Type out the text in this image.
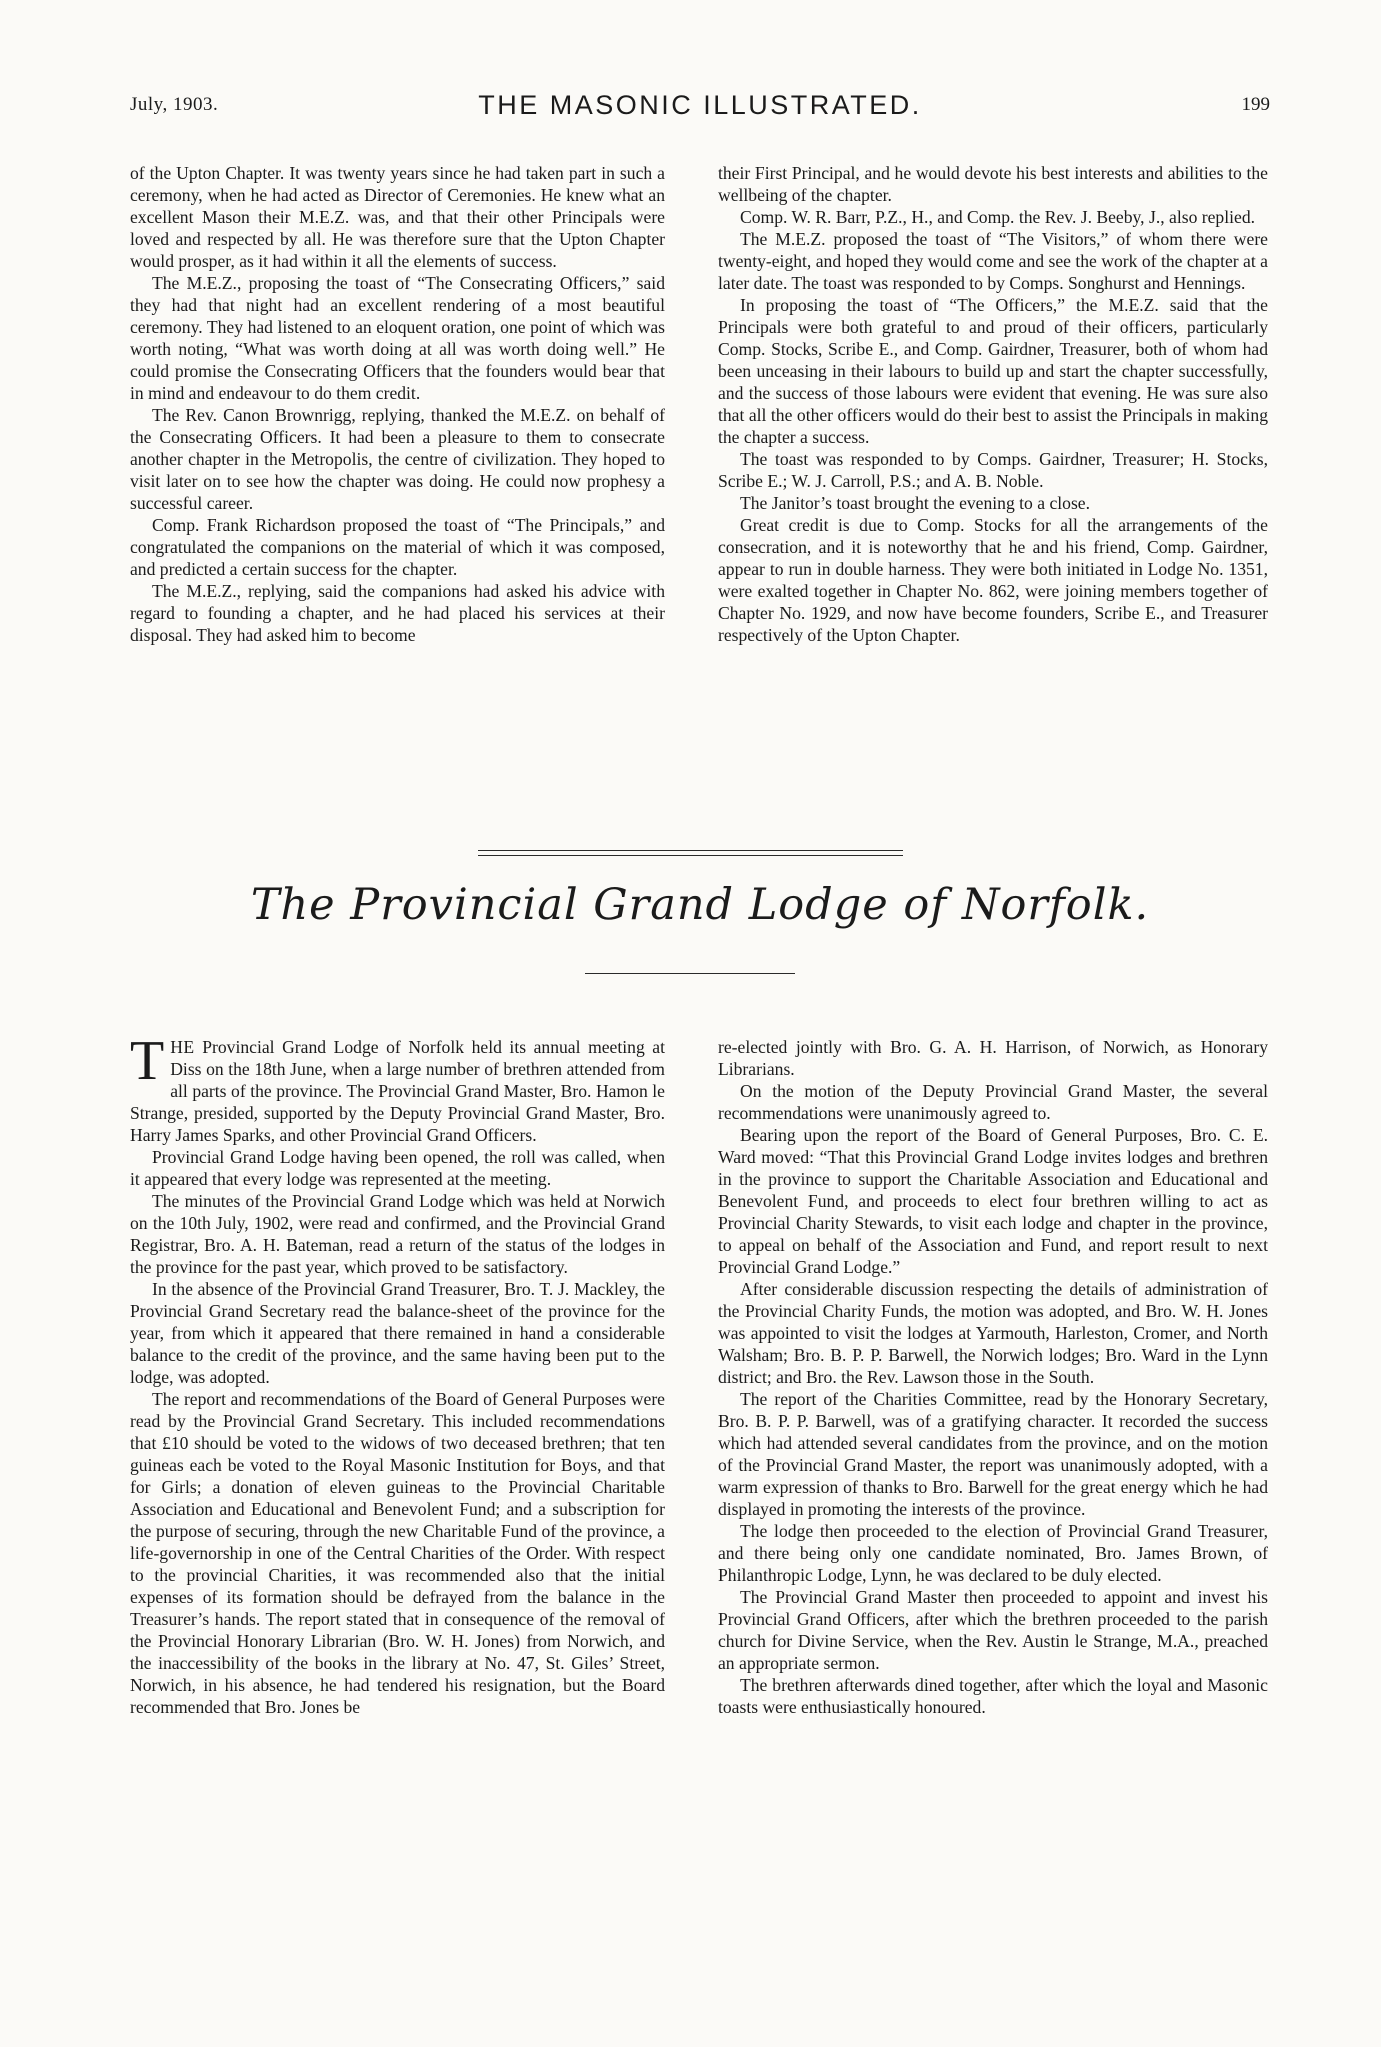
July, 1903.	THE MASONIC ILLUSTRATED.	199

of the Upton Chapter. It was twenty years since he had taken part in such a ceremony, when he had acted as Director of Ceremonies. He knew what an excellent Mason their M.E.Z. was, and that their other Principals were loved and respected by all. He was therefore sure that the Upton Chapter would prosper, as it had within it all the elements of success.

The M.E.Z., proposing the toast of “The Consecrating Officers,” said they had that night had an excellent rendering of a most beautiful ceremony. They had listened to an eloquent oration, one point of which was worth noting, “What was worth doing at all was worth doing well.” He could promise the Consecrating Officers that the founders would bear that in mind and endeavour to do them credit.

The Rev. Canon Brownrigg, replying, thanked the M.E.Z. on behalf of the Consecrating Officers. It had been a pleasure to them to consecrate another chapter in the Metropolis, the centre of civilization. They hoped to visit later on to see how the chapter was doing. He could now prophesy a successful career.

Comp. Frank Richardson proposed the toast of “The Principals,” and congratulated the companions on the material of which it was composed, and predicted a certain success for the chapter.

The M.E.Z., replying, said the companions had asked his advice with regard to founding a chapter, and he had placed his services at their disposal. They had asked him to become

their First Principal, and he would devote his best interests and abilities to the wellbeing of the chapter.

Comp. W. R. Barr, P.Z., H., and Comp. the Rev. J. Beeby, J., also replied.

The M.E.Z. proposed the toast of “The Visitors,” of whom there were twenty-eight, and hoped they would come and see the work of the chapter at a later date. The toast was responded to by Comps. Songhurst and Hennings.

In proposing the toast of “The Officers,” the M.E.Z. said that the Principals were both grateful to and proud of their officers, particularly Comp. Stocks, Scribe E., and Comp. Gairdner, Treasurer, both of whom had been unceasing in their labours to build up and start the chapter successfully, and the success of those labours were evident that evening. He was sure also that all the other officers would do their best to assist the Principals in making the chapter a success.

The toast was responded to by Comps. Gairdner, Treasurer; H. Stocks, Scribe E.; W. J. Carroll, P.S.; and A. B. Noble.

The Janitor’s toast brought the evening to a close.

Great credit is due to Comp. Stocks for all the arrangements of the consecration, and it is noteworthy that he and his friend, Comp. Gairdner, appear to run in double harness. They were both initiated in Lodge No. 1351, were exalted together in Chapter No. 862, were joining members together of Chapter No. 1929, and now have become founders, Scribe E., and Treasurer respectively of the Upton Chapter.

The Provincial Grand Lodge of Norfolk.

THE Provincial Grand Lodge of Norfolk held its annual meeting at Diss on the 18th June, when a large number of brethren attended from all parts of the province. The Provincial Grand Master, Bro. Hamon le Strange, presided, supported by the Deputy Provincial Grand Master, Bro. Harry James Sparks, and other Provincial Grand Officers.

Provincial Grand Lodge having been opened, the roll was called, when it appeared that every lodge was represented at the meeting.

The minutes of the Provincial Grand Lodge which was held at Norwich on the 10th July, 1902, were read and confirmed, and the Provincial Grand Registrar, Bro. A. H. Bateman, read a return of the status of the lodges in the province for the past year, which proved to be satisfactory.

In the absence of the Provincial Grand Treasurer, Bro. T. J. Mackley, the Provincial Grand Secretary read the balance-sheet of the province for the year, from which it appeared that there remained in hand a considerable balance to the credit of the province, and the same having been put to the lodge, was adopted.

The report and recommendations of the Board of General Purposes were read by the Provincial Grand Secretary. This included recommendations that £10 should be voted to the widows of two deceased brethren; that ten guineas each be voted to the Royal Masonic Institution for Boys, and that for Girls; a donation of eleven guineas to the Provincial Charitable Association and Educational and Benevolent Fund; and a subscription for the purpose of securing, through the new Charitable Fund of the province, a life-governorship in one of the Central Charities of the Order. With respect to the provincial Charities, it was recommended also that the initial expenses of its formation should be defrayed from the balance in the Treasurer’s hands. The report stated that in consequence of the removal of the Provincial Honorary Librarian (Bro. W. H. Jones) from Norwich, and the inaccessibility of the books in the library at No. 47, St. Giles’ Street, Norwich, in his absence, he had tendered his resignation, but the Board recommended that Bro. Jones be

re-elected jointly with Bro. G. A. H. Harrison, of Norwich, as Honorary Librarians.

On the motion of the Deputy Provincial Grand Master, the several recommendations were unanimously agreed to.

Bearing upon the report of the Board of General Purposes, Bro. C. E. Ward moved: “That this Provincial Grand Lodge invites lodges and brethren in the province to support the Charitable Association and Educational and Benevolent Fund, and proceeds to elect four brethren willing to act as Provincial Charity Stewards, to visit each lodge and chapter in the province, to appeal on behalf of the Association and Fund, and report result to next Provincial Grand Lodge.”

After considerable discussion respecting the details of administration of the Provincial Charity Funds, the motion was adopted, and Bro. W. H. Jones was appointed to visit the lodges at Yarmouth, Harleston, Cromer, and North Walsham; Bro. B. P. P. Barwell, the Norwich lodges; Bro. Ward in the Lynn district; and Bro. the Rev. Lawson those in the South.

The report of the Charities Committee, read by the Honorary Secretary, Bro. B. P. P. Barwell, was of a gratifying character. It recorded the success which had attended several candidates from the province, and on the motion of the Provincial Grand Master, the report was unanimously adopted, with a warm expression of thanks to Bro. Barwell for the great energy which he had displayed in promoting the interests of the province.

The lodge then proceeded to the election of Provincial Grand Treasurer, and there being only one candidate nominated, Bro. James Brown, of Philanthropic Lodge, Lynn, he was declared to be duly elected.

The Provincial Grand Master then proceeded to appoint and invest his Provincial Grand Officers, after which the brethren proceeded to the parish church for Divine Service, when the Rev. Austin le Strange, M.A., preached an appropriate sermon.

The brethren afterwards dined together, after which the loyal and Masonic toasts were enthusiastically honoured.
